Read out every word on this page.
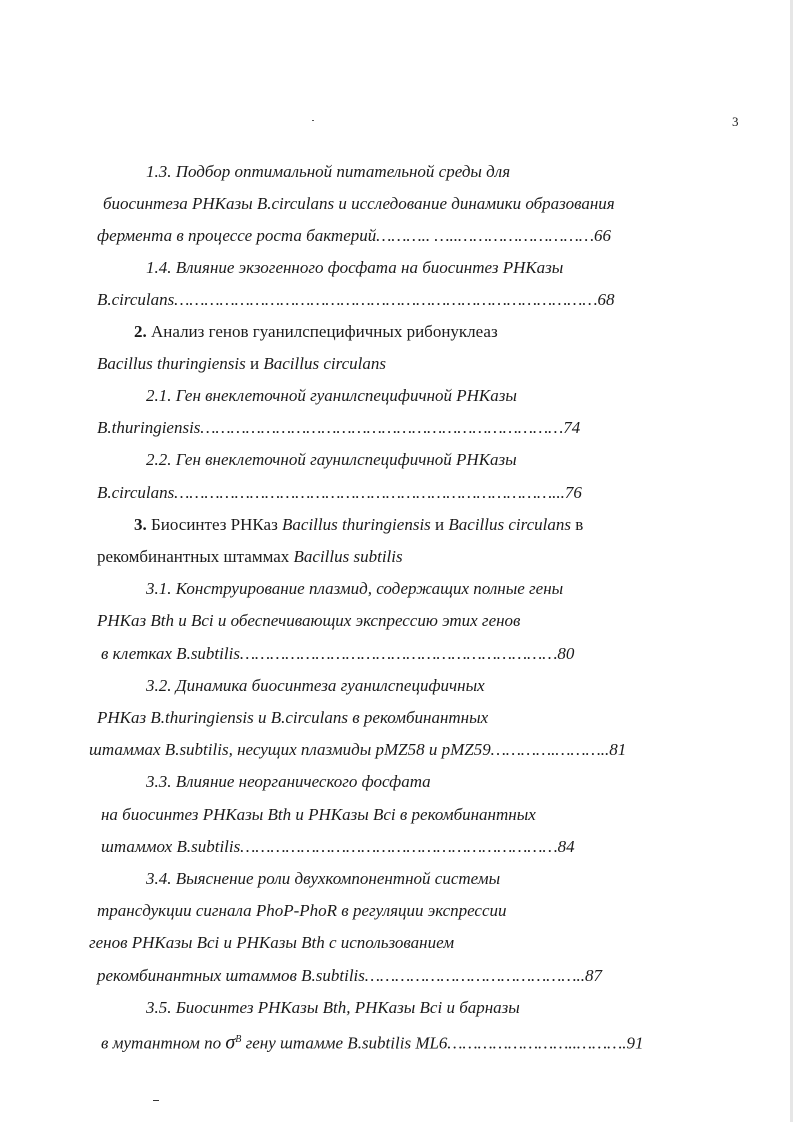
3
1.3. Подбор оптимальной питательной среды для
биосинтеза РНКазы B.circulans и исследование динамики образования
фермента в процессе роста бактерий……….. …..………………………66
1.4. Влияние экзогенного фосфата на биосинтез РНКазы
B.circulans…………………………………………………………………………68
2. Анализ генов гуанилспецифичных рибонуклеаз
Bacillus thuringiensis и Bacillus circulans
2.1. Ген внеклеточной гуанилспецифичной РНКазы
B.thuringiensis………………………………………………………………74
2.2. Ген внеклеточной гаунилспецифичной РНКазы
B.circulans…………………………………………………………………...76
3. Биосинтез РНКаз Bacillus thuringiensis и Bacillus circulans в
рекомбинантных штаммах Bacillus subtilis
3.1. Конструирование плазмид, содержащих полные гены
РНКаз Bth и Bci и обеспечивающих экспрессию этих генов
в клетках B.subtilis………………………………………………………80
3.2. Динамика биосинтеза гуанилспецифичных
РНКаз B.thuringiensis и B.circulans в рекомбинантных
штаммах B.subtilis, несущих плазмиды pMZ58 и pMZ59………….………..81
3.3. Влияние неорганического фосфата
на биосинтез РНКазы Bth и РНКазы Bci в рекомбинантных
штаммох B.subtilis………………………………………………………84
3.4. Выяснение роли двухкомпонентной системы
трансдукции сигнала PhoP-PhoR в регуляции экспрессии
генов РНКазы Bci и РНКазы Bth с использованием
рекомбинантных штаммов B.subtilis……………………………………..87
3.5. Биосинтез РНКазы Bth, РНКазы Bci и барназы
в мутантном по $\sigma^B$ гену штамме B.subtilis ML6……………………..……….91
